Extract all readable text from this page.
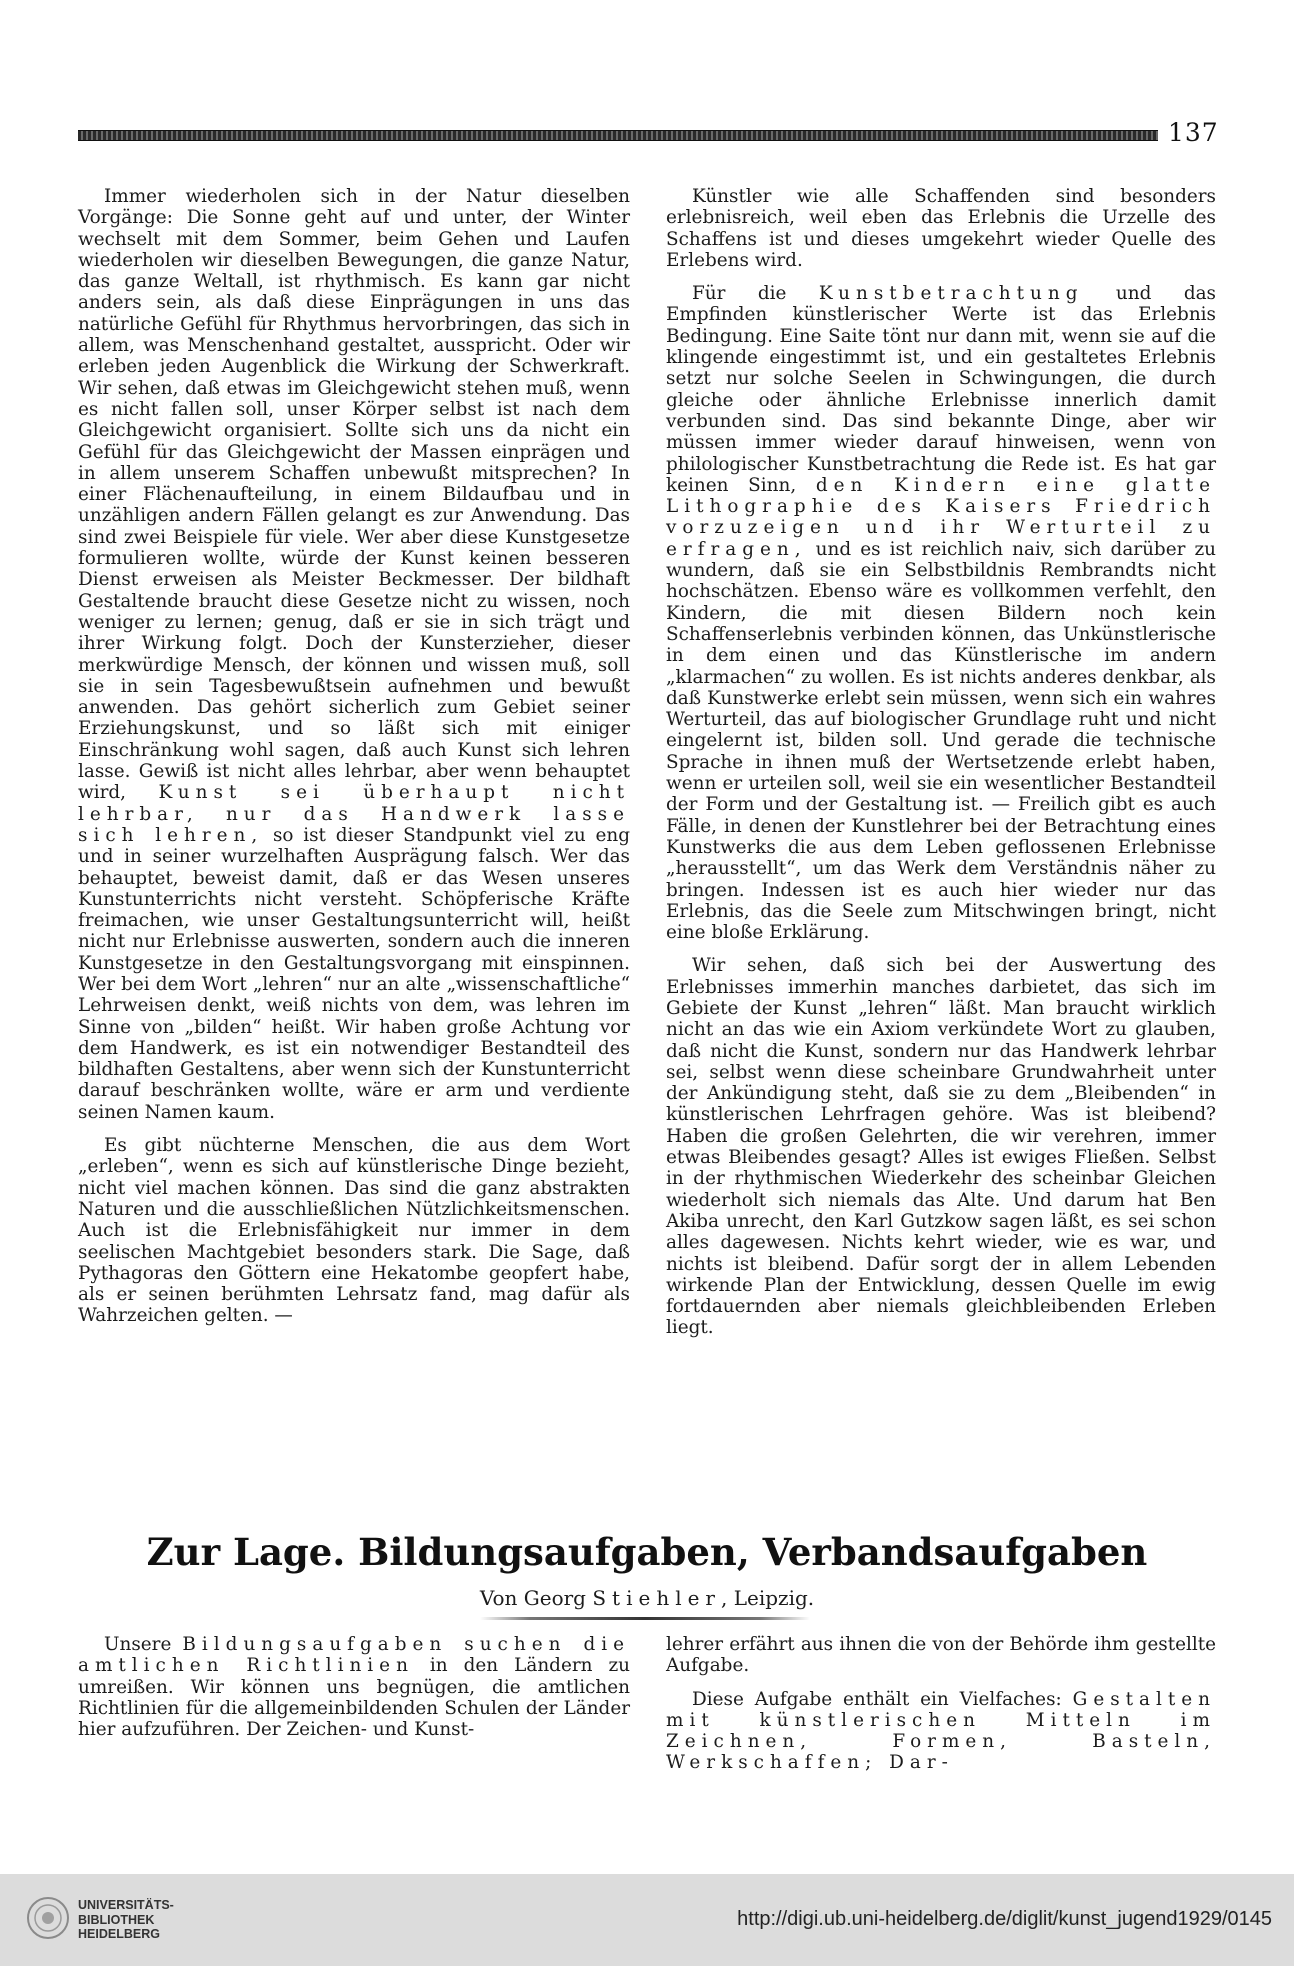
137

Immer wiederholen sich in der Natur dieselben Vorgänge: Die Sonne geht auf und unter, der Winter wechselt mit dem Sommer, beim Gehen und Laufen wiederholen wir dieselben Bewegungen, die ganze Natur, das ganze Weltall, ist rhythmisch. Es kann gar nicht anders sein, als daß diese Einprägungen in uns das natürliche Gefühl für Rhythmus hervorbringen, das sich in allem, was Menschenhand gestaltet, ausspricht. Oder wir erleben jeden Augenblick die Wirkung der Schwerkraft. Wir sehen, daß etwas im Gleichgewicht stehen muß, wenn es nicht fallen soll, unser Körper selbst ist nach dem Gleichgewicht organisiert. Sollte sich uns da nicht ein Gefühl für das Gleichgewicht der Massen einprägen und in allem unserem Schaffen unbewußt mitsprechen? In einer Flächenaufteilung, in einem Bildaufbau und in unzähligen andern Fällen gelangt es zur Anwendung. Das sind zwei Beispiele für viele. Wer aber diese Kunstgesetze formulieren wollte, würde der Kunst keinen besseren Dienst erweisen als Meister Beckmesser. Der bildhaft Gestaltende braucht diese Gesetze nicht zu wissen, noch weniger zu lernen; genug, daß er sie in sich trägt und ihrer Wirkung folgt. Doch der Kunsterzieher, dieser merkwürdige Mensch, der können und wissen muß, soll sie in sein Tagesbewußtsein aufnehmen und bewußt anwenden. Das gehört sicherlich zum Gebiet seiner Erziehungskunst, und so läßt sich mit einiger Einschränkung wohl sagen, daß auch Kunst sich lehren lasse. Gewiß ist nicht alles lehrbar, aber wenn behauptet wird, Kunst sei überhaupt nicht lehrbar, nur das Handwerk lasse sich lehren, so ist dieser Standpunkt viel zu eng und in seiner wurzelhaften Ausprägung falsch. Wer das behauptet, beweist damit, daß er das Wesen unseres Kunstunterrichts nicht versteht. Schöpferische Kräfte freimachen, wie unser Gestaltungsunterricht will, heißt nicht nur Erlebnisse auswerten, sondern auch die inneren Kunstgesetze in den Gestaltungsvorgang mit einspinnen. Wer bei dem Wort „lehren“ nur an alte „wissenschaftliche“ Lehrweisen denkt, weiß nichts von dem, was lehren im Sinne von „bilden“ heißt. Wir haben große Achtung vor dem Handwerk, es ist ein notwendiger Bestandteil des bildhaften Gestaltens, aber wenn sich der Kunstunterricht darauf beschränken wollte, wäre er arm und verdiente seinen Namen kaum.

Es gibt nüchterne Menschen, die aus dem Wort „erleben“, wenn es sich auf künstlerische Dinge bezieht, nicht viel machen können. Das sind die ganz abstrakten Naturen und die ausschließlichen Nützlichkeitsmenschen. Auch ist die Erlebnisfähigkeit nur immer in dem seelischen Machtgebiet besonders stark. Die Sage, daß Pythagoras den Göttern eine Hekatombe geopfert habe, als er seinen berühmten Lehrsatz fand, mag dafür als Wahrzeichen gelten. —

Künstler wie alle Schaffenden sind besonders erlebnisreich, weil eben das Erlebnis die Urzelle des Schaffens ist und dieses umgekehrt wieder Quelle des Erlebens wird.

Für die Kunstbetrachtung und das Empfinden künstlerischer Werte ist das Erlebnis Bedingung. Eine Saite tönt nur dann mit, wenn sie auf die klingende eingestimmt ist, und ein gestaltetes Erlebnis setzt nur solche Seelen in Schwingungen, die durch gleiche oder ähnliche Erlebnisse innerlich damit verbunden sind. Das sind bekannte Dinge, aber wir müssen immer wieder darauf hinweisen, wenn von philologischer Kunstbetrachtung die Rede ist. Es hat gar keinen Sinn, den Kindern eine glatte Lithographie des Kaisers Friedrich vorzuzeigen und ihr Werturteil zu erfragen, und es ist reichlich naiv, sich darüber zu wundern, daß sie ein Selbstbildnis Rembrandts nicht hochschätzen. Ebenso wäre es vollkommen verfehlt, den Kindern, die mit diesen Bildern noch kein Schaffenserlebnis verbinden können, das Unkünstlerische in dem einen und das Künstlerische im andern „klarmachen“ zu wollen. Es ist nichts anderes denkbar, als daß Kunstwerke erlebt sein müssen, wenn sich ein wahres Werturteil, das auf biologischer Grundlage ruht und nicht eingelernt ist, bilden soll. Und gerade die technische Sprache in ihnen muß der Wertsetzende erlebt haben, wenn er urteilen soll, weil sie ein wesentlicher Bestandteil der Form und der Gestaltung ist. — Freilich gibt es auch Fälle, in denen der Kunstlehrer bei der Betrachtung eines Kunstwerks die aus dem Leben geflossenen Erlebnisse „herausstellt“, um das Werk dem Verständnis näher zu bringen. Indessen ist es auch hier wieder nur das Erlebnis, das die Seele zum Mitschwingen bringt, nicht eine bloße Erklärung.

Wir sehen, daß sich bei der Auswertung des Erlebnisses immerhin manches darbietet, das sich im Gebiete der Kunst „lehren“ läßt. Man braucht wirklich nicht an das wie ein Axiom verkündete Wort zu glauben, daß nicht die Kunst, sondern nur das Handwerk lehrbar sei, selbst wenn diese scheinbare Grundwahrheit unter der Ankündigung steht, daß sie zu dem „Bleibenden“ in künstlerischen Lehrfragen gehöre. Was ist bleibend? Haben die großen Gelehrten, die wir verehren, immer etwas Bleibendes gesagt? Alles ist ewiges Fließen. Selbst in der rhythmischen Wiederkehr des scheinbar Gleichen wiederholt sich niemals das Alte. Und darum hat Ben Akiba unrecht, den Karl Gutzkow sagen läßt, es sei schon alles dagewesen. Nichts kehrt wieder, wie es war, und nichts ist bleibend. Dafür sorgt der in allem Lebenden wirkende Plan der Entwicklung, dessen Quelle im ewig fortdauernden aber niemals gleichbleibenden Erleben liegt.

Zur Lage. Bildungsaufgaben, Verbandsaufgaben
Von Georg Stiehler, Leipzig.

Unsere Bildungsaufgaben suchen die amtlichen Richtlinien in den Ländern zu umreißen. Wir können uns begnügen, die amtlichen Richtlinien für die allgemeinbildenden Schulen der Länder hier aufzuführen. Der Zeichen- und Kunst-

lehrer erfährt aus ihnen die von der Behörde ihm gestellte Aufgabe.

Diese Aufgabe enthält ein Vielfaches: Gestalten mit künstlerischen Mitteln im Zeichnen, Formen, Basteln, Werkschaffen; Dar-

UNIVERSITÄTS-
BIBLIOTHEK
HEIDELBERG
http://digi.ub.uni-heidelberg.de/diglit/kunst_jugend1929/0145
